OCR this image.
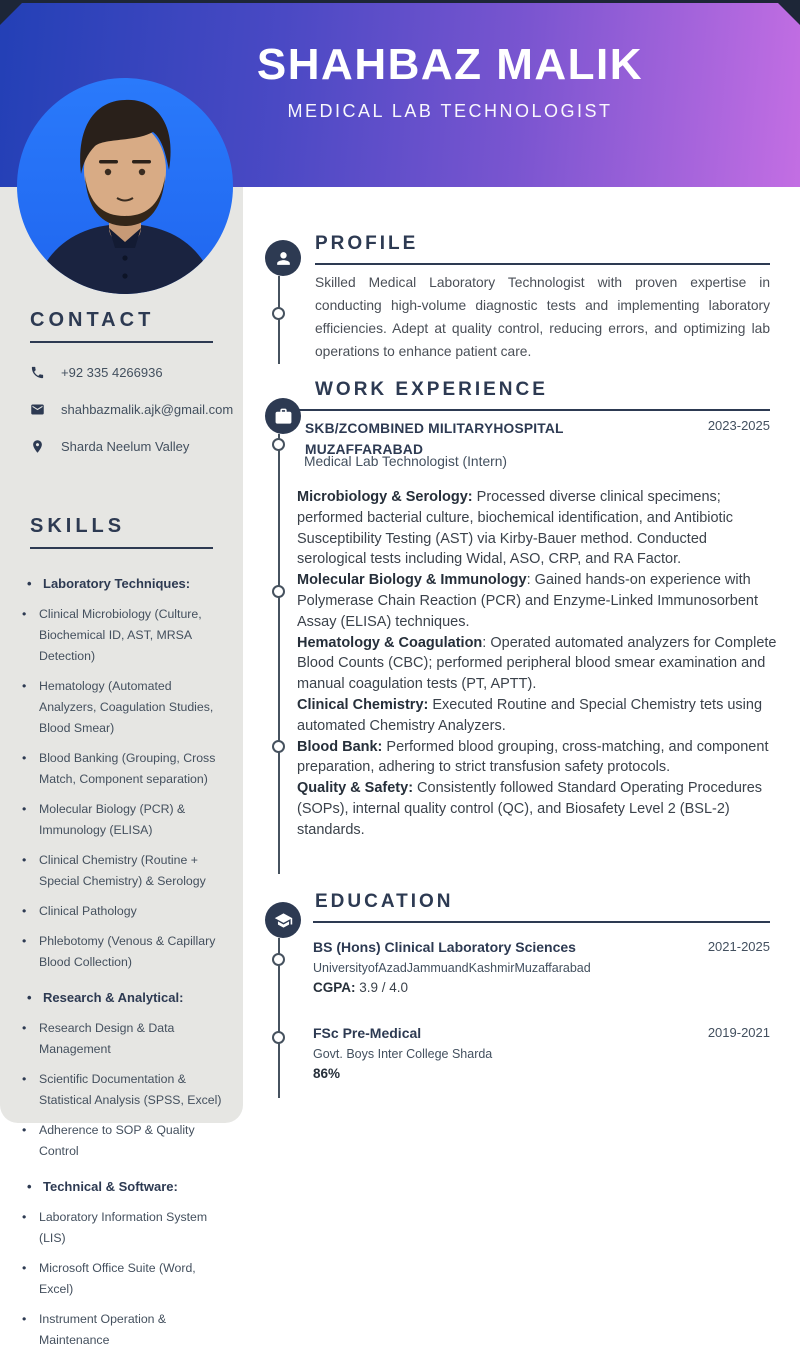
SHAHBAZ MALIK
MEDICAL LAB TECHNOLOGIST
CONTACT
+92 335 4266936
shahbazmalik.ajk@gmail.com
Sharda Neelum Valley
SKILLS
• Laboratory Techniques:
• Clinical Microbiology (Culture, Biochemical ID, AST, MRSA Detection)
• Hematology (Automated Analyzers, Coagulation Studies, Blood Smear)
• Blood Banking (Grouping, Cross Match, Component separation)
• Molecular Biology (PCR) & Immunology (ELISA)
• Clinical Chemistry (Routine + Special Chemistry) & Serology
• Clinical Pathology
• Phlebotomy (Venous & Capillary Blood Collection)
• Research & Analytical:
• Research Design & Data Management
• Scientific Documentation & Statistical Analysis (SPSS, Excel)
• Adherence to SOP & Quality Control
• Technical & Software:
• Laboratory Information System (LIS)
• Microsoft Office Suite (Word, Excel)
• Instrument Operation & Maintenance
PROFILE
Skilled Medical Laboratory Technologist with proven expertise in conducting high-volume diagnostic tests and implementing laboratory efficiencies. Adept at quality control, reducing errors, and optimizing lab operations to enhance patient care.
WORK EXPERIENCE
SKB/ZCOMBINED MILITARYHOSPITAL MUZAFFARABAD
2023-2025
Medical Lab Technologist (Intern)

Microbiology & Serology: Processed diverse clinical specimens; performed bacterial culture, biochemical identification, and Antibiotic Susceptibility Testing (AST) via Kirby-Bauer method. Conducted serological tests including Widal, ASO, CRP, and RA Factor.

Molecular Biology & Immunology: Gained hands-on experience with Polymerase Chain Reaction (PCR) and Enzyme-Linked Immunosorbent Assay (ELISA) techniques.

Hematology & Coagulation: Operated automated analyzers for Complete Blood Counts (CBC); performed peripheral blood smear examination and manual coagulation tests (PT, APTT).

Clinical Chemistry: Executed Routine and Special Chemistry tets using automated Chemistry Analyzers.

Blood Bank: Performed blood grouping, cross-matching, and component preparation, adhering to strict transfusion safety protocols.

Quality & Safety: Consistently followed Standard Operating Procedures (SOPs), internal quality control (QC), and Biosafety Level 2 (BSL-2) standards.

EDUCATION
BS (Hons) Clinical Laboratory Sciences	2021-2025
UniversityofAzadJammuandKashmirMuzaffarabad
CGPA: 3.9 / 4.0
FSc Pre-Medical	2019-2021
Govt. Boys Inter College Sharda
86%
